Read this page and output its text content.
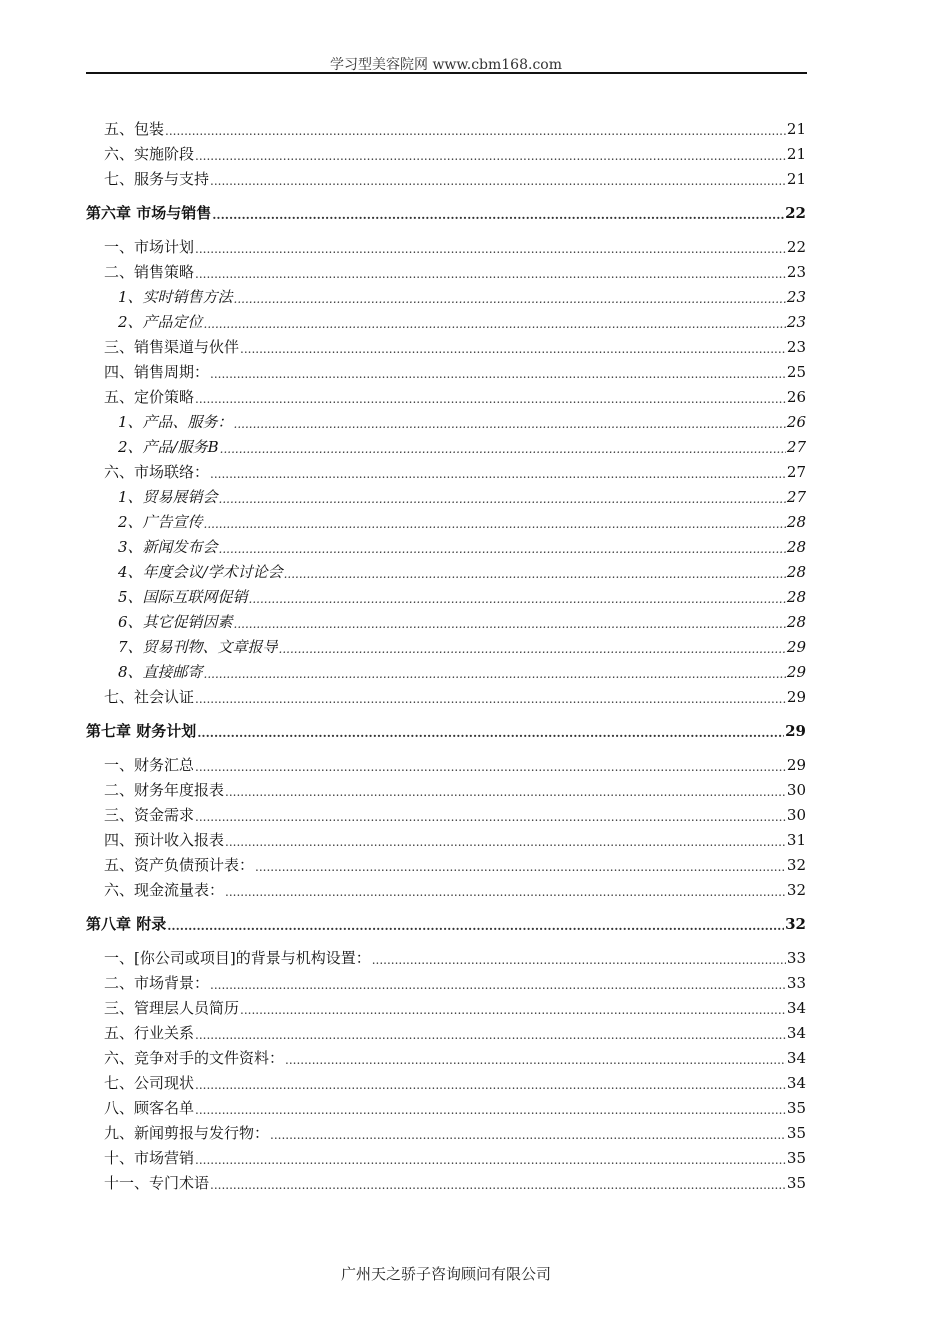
学习型美容院网 www.cbm168.com
五、包装 .....	21
六、实施阶段 .....	21
七、服务与支持 .....	21
第六章 市场与销售 .....	22
一、市场计划 .....	22
二、销售策略 .....	23
1、实时销售方法 .....	23
2、产品定位 .....	23
三、销售渠道与伙伴 .....	23
四、销售周期： .....	25
五、定价策略 .....	26
1、产品、服务： .....	26
2、产品/服务B .....	27
六、市场联络： .....	27
1、贸易展销会 .....	27
2、广告宣传 .....	28
3、新闻发布会 .....	28
4、年度会议/学术讨论会 .....	28
5、国际互联网促销 .....	28
6、其它促销因素 .....	28
7、贸易刊物、文章报导 .....	29
8、直接邮寄 .....	29
七、社会认证 .....	29
第七章 财务计划 .....	29
一、财务汇总 .....	29
二、财务年度报表 .....	30
三、资金需求 .....	30
四、预计收入报表 .....	31
五、资产负债预计表： .....	32
六、现金流量表： .....	32
第八章 附录 .....	32
一、[你公司或项目]的背景与机构设置： .....	33
二、市场背景： .....	33
三、管理层人员简历 .....	34
五、行业关系 .....	34
六、竞争对手的文件资料： .....	34
七、公司现状 .....	34
八、顾客名单 .....	35
九、新闻剪报与发行物： .....	35
十、市场营销 .....	35
十一、专门术语 .....	35
广州天之骄子咨询顾问有限公司
